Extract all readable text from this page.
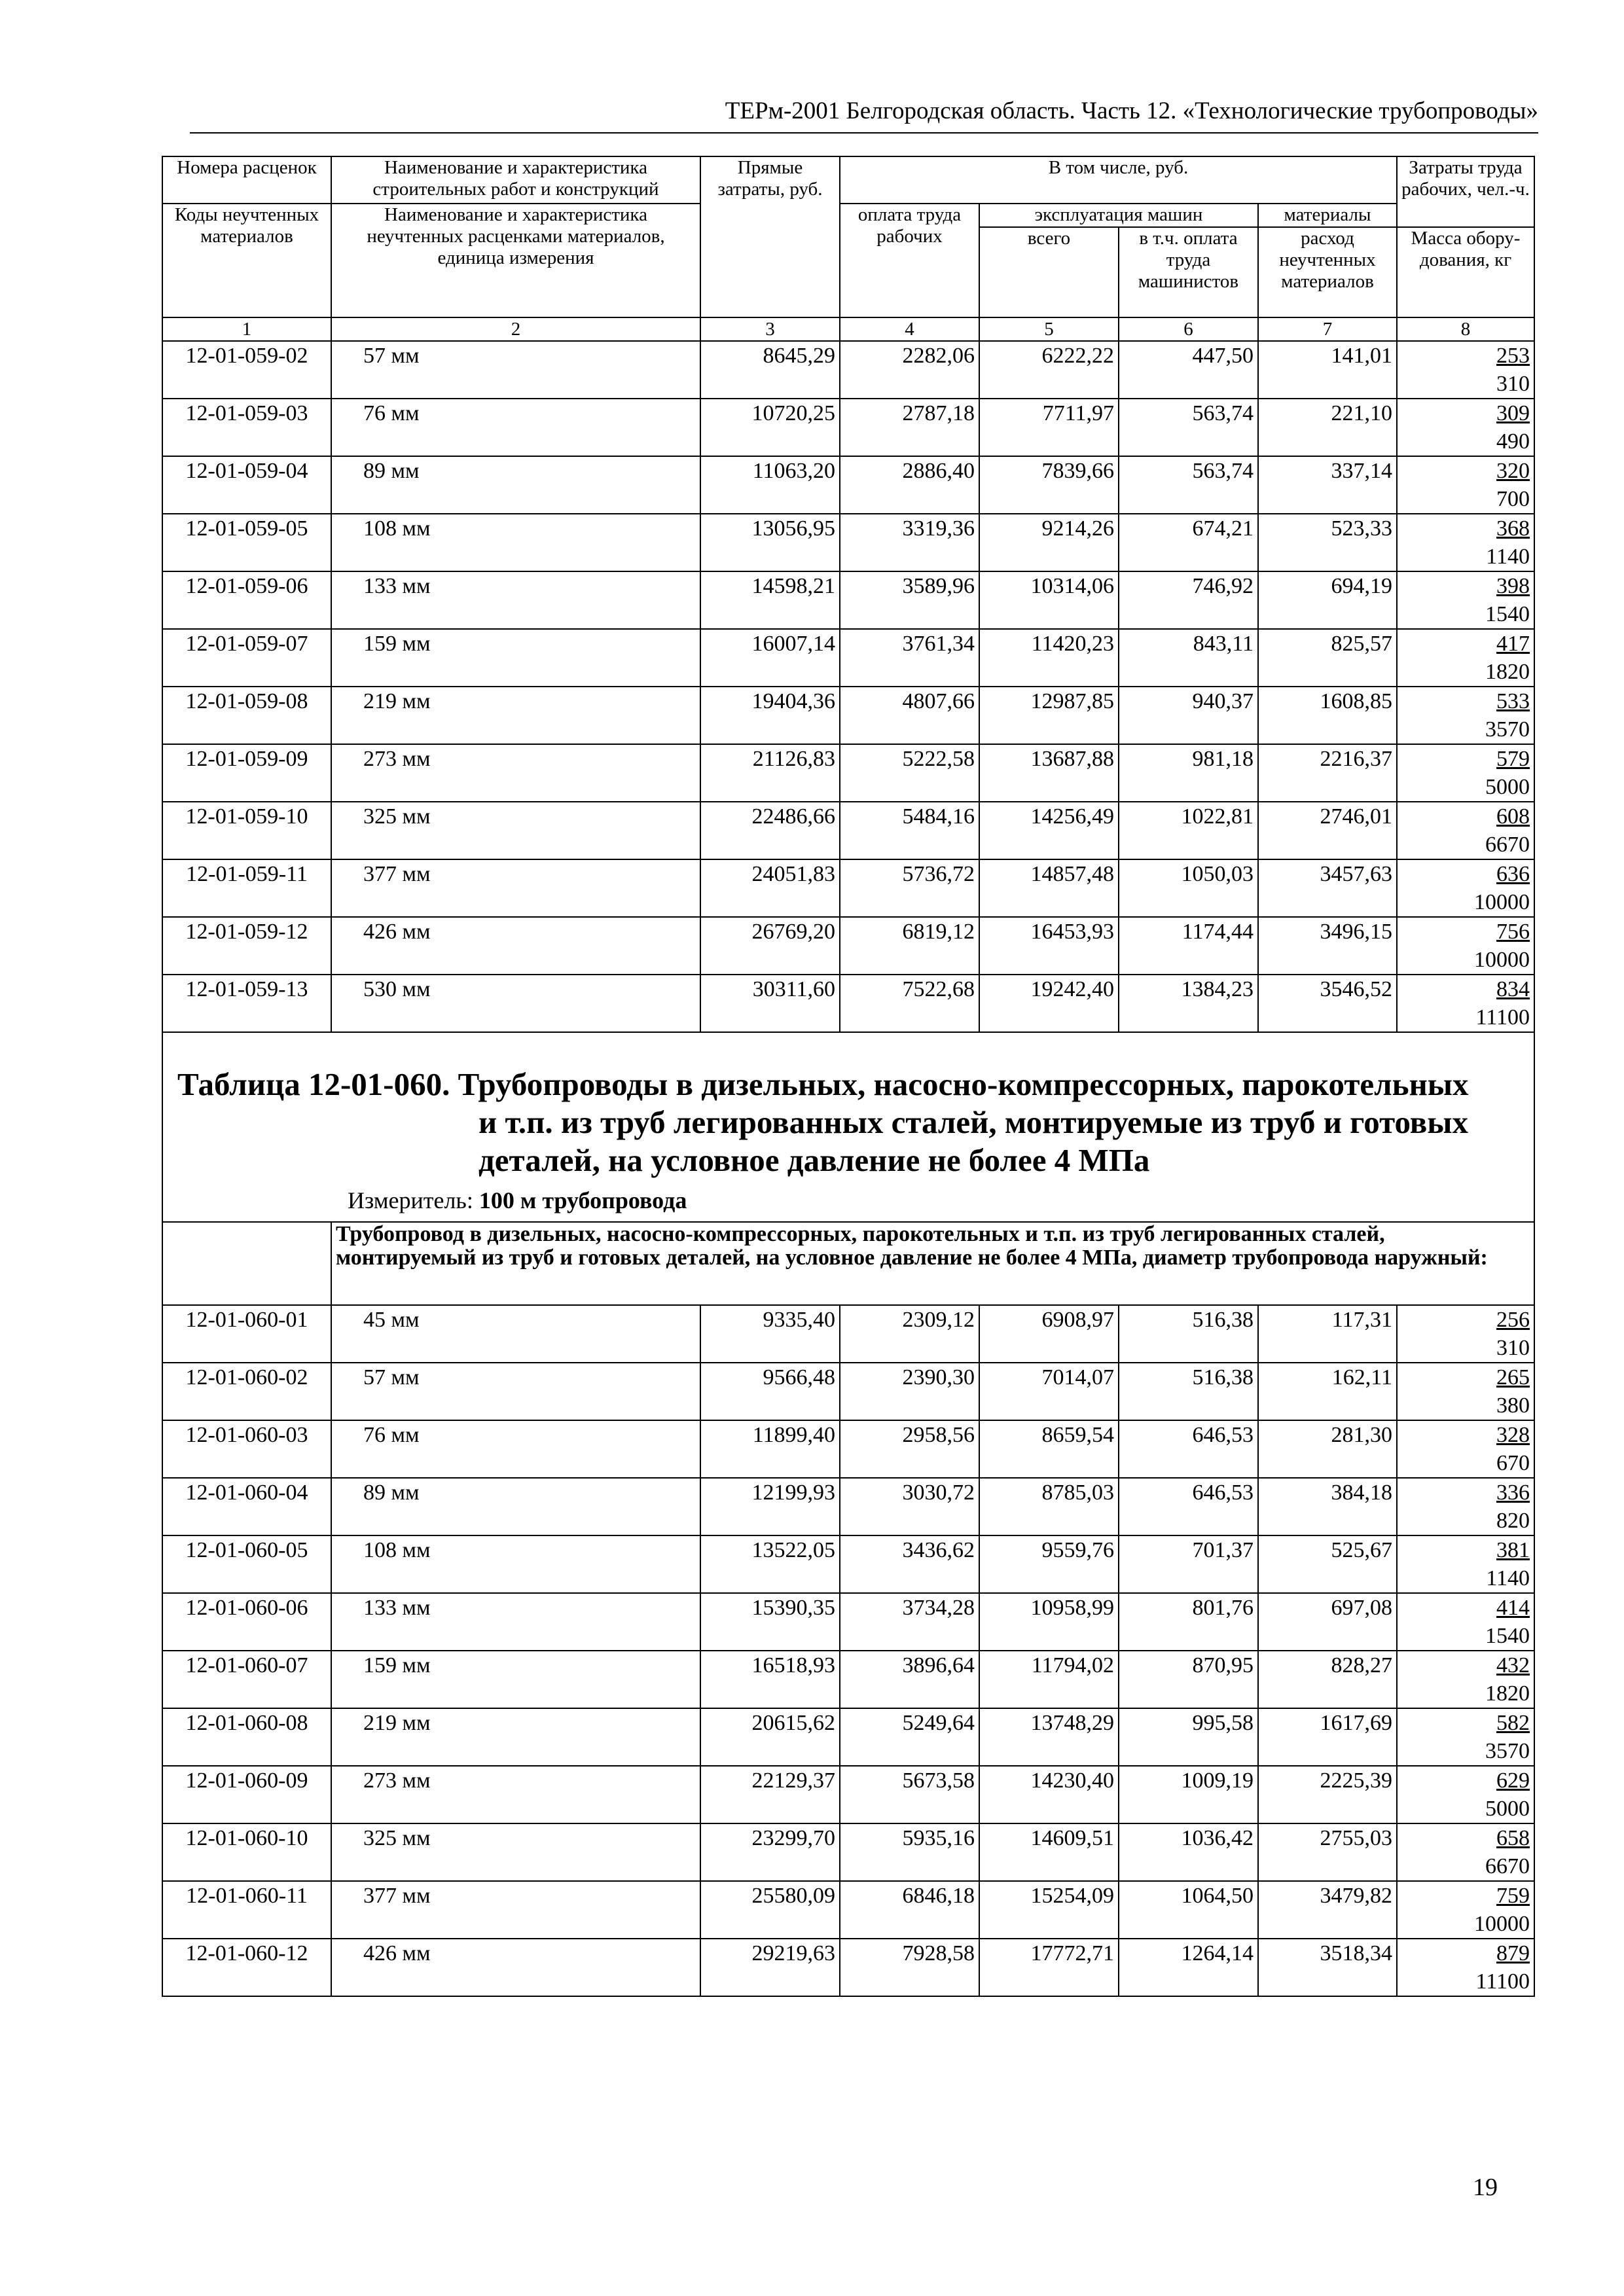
ТЕРм-2001 Белгородская область. Часть 12. «Технологические трубопроводы»
Номера расценок	Наименование и характеристика строительных работ и конструкций	Прямые затраты, руб.	В том числе, руб.				Затраты труда рабочих, чел.-ч.
Коды неучтенных материалов	Наименование и характеристика неучтенных расценками материалов, единица измерения		оплата труда рабочих	эксплуатация машин		материалы	
				всего	в т.ч. оплата труда машинистов	расход неучтенных материалов	Масса обору-дования, кг
1	2	3	4	5	6	7	8
12-01-059-02	57 мм	8645,29	2282,06	6222,22	447,50	141,01	253
310

12-01-059-03	76 мм	10720,25	2787,18	7711,97	563,74	221,10	309
490

12-01-059-04	89 мм	11063,20	2886,40	7839,66	563,74	337,14	320
700

12-01-059-05	108 мм	13056,95	3319,36	9214,26	674,21	523,33	368
1140

12-01-059-06	133 мм	14598,21	3589,96	10314,06	746,92	694,19	398
1540

12-01-059-07	159 мм	16007,14	3761,34	11420,23	843,11	825,57	417
1820

12-01-059-08	219 мм	19404,36	4807,66	12987,85	940,37	1608,85	533
3570

12-01-059-09	273 мм	21126,83	5222,58	13687,88	981,18	2216,37	579
5000

12-01-059-10	325 мм	22486,66	5484,16	14256,49	1022,81	2746,01	608
6670

12-01-059-11	377 мм	24051,83	5736,72	14857,48	1050,03	3457,63	636
10000

12-01-059-12	426 мм	26769,20	6819,12	16453,93	1174,44	3496,15	756
10000

12-01-059-13	530 мм	30311,60	7522,68	19242,40	1384,23	3546,52	834
11100

Таблица 12-01-060. Трубопроводы в дизельных, насосно-компрессорных, парокотельных
и т.п. из труб легированных сталей, монтируемые из труб и готовых
деталей, на условное давление не более 4 МПа
Измеритель: 100 м трубопровода							

	Трубопровод в дизельных, насосно-компрессорных, парокотельных и т.п. из труб легированных сталей, монтируемый из труб и готовых деталей, на условное давление не более 4 МПа, диаметр трубопровода наружный:						
12-01-060-01	45 мм	9335,40	2309,12	6908,97	516,38	117,31	256
310

12-01-060-02	57 мм	9566,48	2390,30	7014,07	516,38	162,11	265
380

12-01-060-03	76 мм	11899,40	2958,56	8659,54	646,53	281,30	328
670

12-01-060-04	89 мм	12199,93	3030,72	8785,03	646,53	384,18	336
820

12-01-060-05	108 мм	13522,05	3436,62	9559,76	701,37	525,67	381
1140

12-01-060-06	133 мм	15390,35	3734,28	10958,99	801,76	697,08	414
1540

12-01-060-07	159 мм	16518,93	3896,64	11794,02	870,95	828,27	432
1820

12-01-060-08	219 мм	20615,62	5249,64	13748,29	995,58	1617,69	582
3570

12-01-060-09	273 мм	22129,37	5673,58	14230,40	1009,19	2225,39	629
5000

12-01-060-10	325 мм	23299,70	5935,16	14609,51	1036,42	2755,03	658
6670

12-01-060-11	377 мм	25580,09	6846,18	15254,09	1064,50	3479,82	759
10000

12-01-060-12	426 мм	29219,63	7928,58	17772,71	1264,14	3518,34	879
11100
19
